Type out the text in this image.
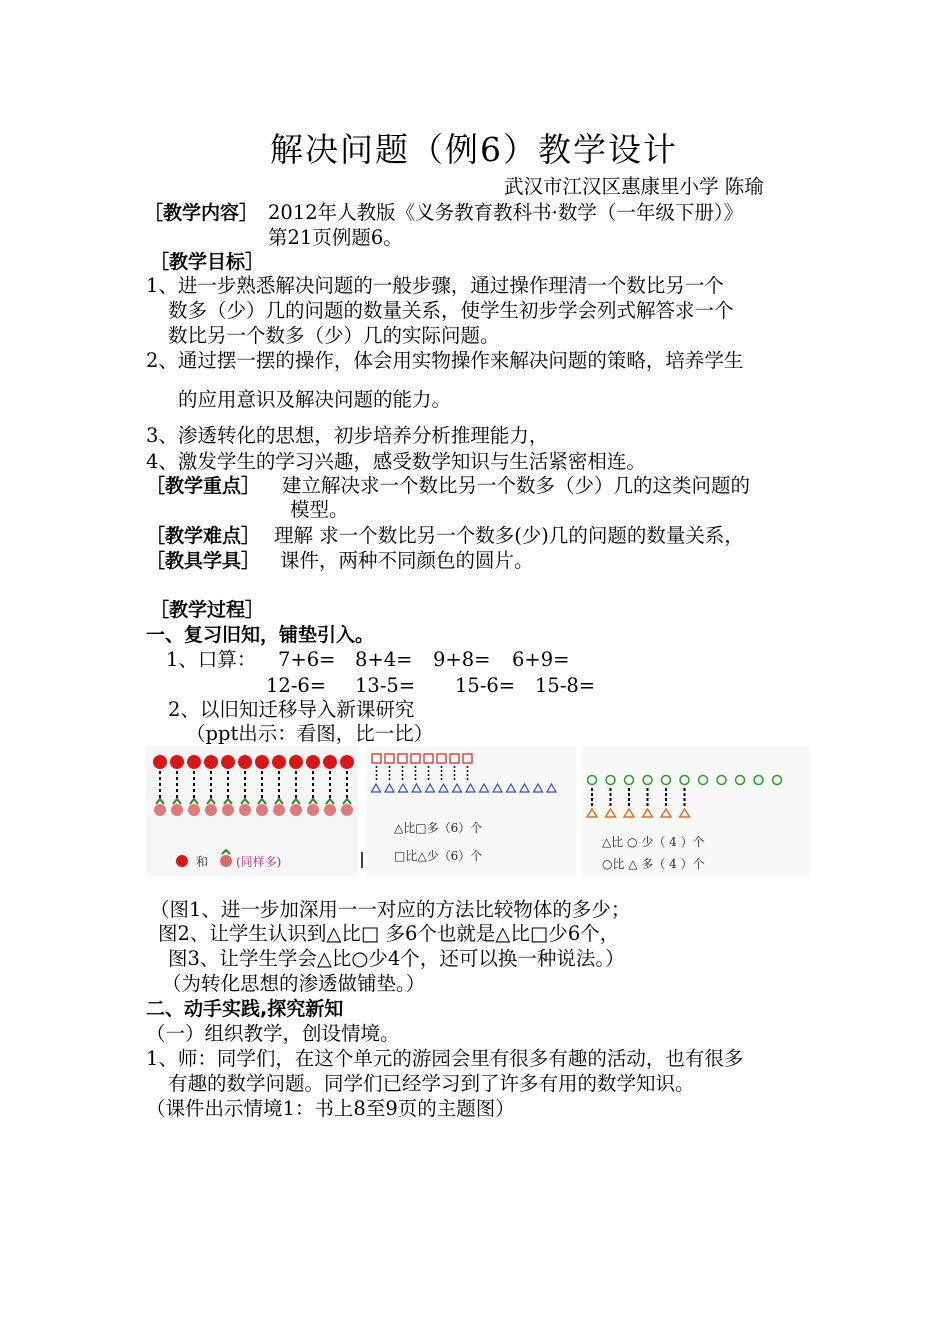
解决问题（例6）教学设计
武汉市江汉区惠康里小学 陈瑜
［教学内容］ 2012年人教版《义务教育教科书·数学（一年级下册）》
第21页例题6。
［教学目标］
1、进一步熟悉解决问题的一般步骤，通过操作理清一个数比另一个
数多（少）几的问题的数量关系，使学生初步学会列式解答求一个
数比另一个数多（少）几的实际问题。
2、通过摆一摆的操作，体会用实物操作来解决问题的策略，培养学生
的应用意识及解决问题的能力。
3、渗透转化的思想，初步培养分析推理能力，
4、激发学生的学习兴趣，感受数学知识与生活紧密相连。
［教学重点］ 建立解决求一个数比另一个数多（少）几的这类问题的
模型。
［教学难点］ 理解 求一个数比另一个数多(少)几的问题的数量关系，
［教具学具］ 课件，两种不同颜色的圆片。
［教学过程］
一、复习旧知，铺垫引入。
1、口算： 7+6= 8+4= 9+8= 6+9=
12-6= 13-5= 15-6= 15-8=
2、以旧知迁移导入新课研究
（ppt出示：看图，比一比）
和 (同样多)
△比□多（6）个
□比△少（6）个
△比 ○ 少（ 4 ）个
○比 △ 多（ 4 ）个
（图1、进一步加深用一一对应的方法比较物体的多少；
图2、让学生认识到△比□ 多6个也就是△比□少6个，
图3、让学生学会△比○少4个，还可以换一种说法。）
（为转化思想的渗透做铺垫。）
二、动手实践,探究新知
（一）组织教学，创设情境。
1、师：同学们，在这个单元的游园会里有很多有趣的活动，也有很多
有趣的数学问题。同学们已经学习到了许多有用的数学知识。
（课件出示情境1：书上8至9页的主题图）
